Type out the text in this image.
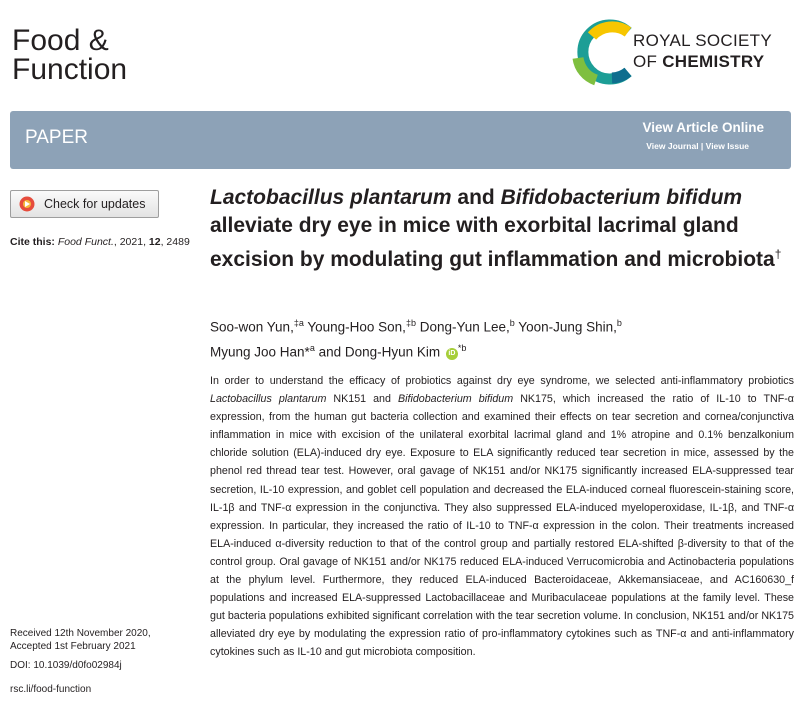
Food &
Function
ROYAL SOCIETY
OF CHEMISTRY
PAPER	View Article Online
View Journal | View Issue
Check for updates
Cite this: Food Funct., 2021, 12, 2489
Lactobacillus plantarum and Bifidobacterium bifidum alleviate dry eye in mice with exorbital lacrimal gland excision by modulating gut inflammation and microbiota†
Soo-won Yun,$^{\ddagger a}$ Young-Hoo Son,$^{\ddagger b}$ Dong-Yun Lee,$^b$ Yoon-Jung Shin,$^b$
Myung Joo Han*$^a$ and Dong-Hyun Kim $iD^{*b}$
In order to understand the efficacy of probiotics against dry eye syndrome, we selected anti-inflammatory probiotics Lactobacillus plantarum NK151 and Bifidobacterium bifidum NK175, which increased the ratio of IL-10 to TNF-α expression, from the human gut bacteria collection and examined their effects on tear secretion and cornea/conjunctiva inflammation in mice with excision of the unilateral exorbital lacrimal gland and 1% atropine and 0.1% benzalkonium chloride solution (ELA)-induced dry eye. Exposure to ELA significantly reduced tear secretion in mice, assessed by the phenol red thread tear test. However, oral gavage of NK151 and/or NK175 significantly increased ELA-suppressed tear secretion, IL-10 expression, and goblet cell population and decreased the ELA-induced corneal fluorescein-staining score, IL-1β and TNF-α expression in the conjunctiva. They also suppressed ELA-induced myeloperoxidase, IL-1β, and TNF-α expression. In particular, they increased the ratio of IL-10 to TNF-α expression in the colon. Their treatments increased ELA-induced α-diversity reduction to that of the control group and partially restored ELA-shifted β-diversity to that of the control group. Oral gavage of NK151 and/or NK175 reduced ELA-induced Verrucomicrobia and Actinobacteria populations at the phylum level. Furthermore, they reduced ELA-induced Bacteroidaceae, Akkemansiaceae, and AC160630_f populations and increased ELA-suppressed Lactobacillaceae and Muribaculaceae populations at the family level. These gut bacteria populations exhibited significant correlation with the tear secretion volume. In conclusion, NK151 and/or NK175 alleviated dry eye by modulating the expression ratio of pro-inflammatory cytokines such as TNF-α and anti-inflammatory cytokines such as IL-10 and gut microbiota composition.
Received 12th November 2020,
Accepted 1st February 2021
DOI: 10.1039/d0fo02984j
rsc.li/food-function
